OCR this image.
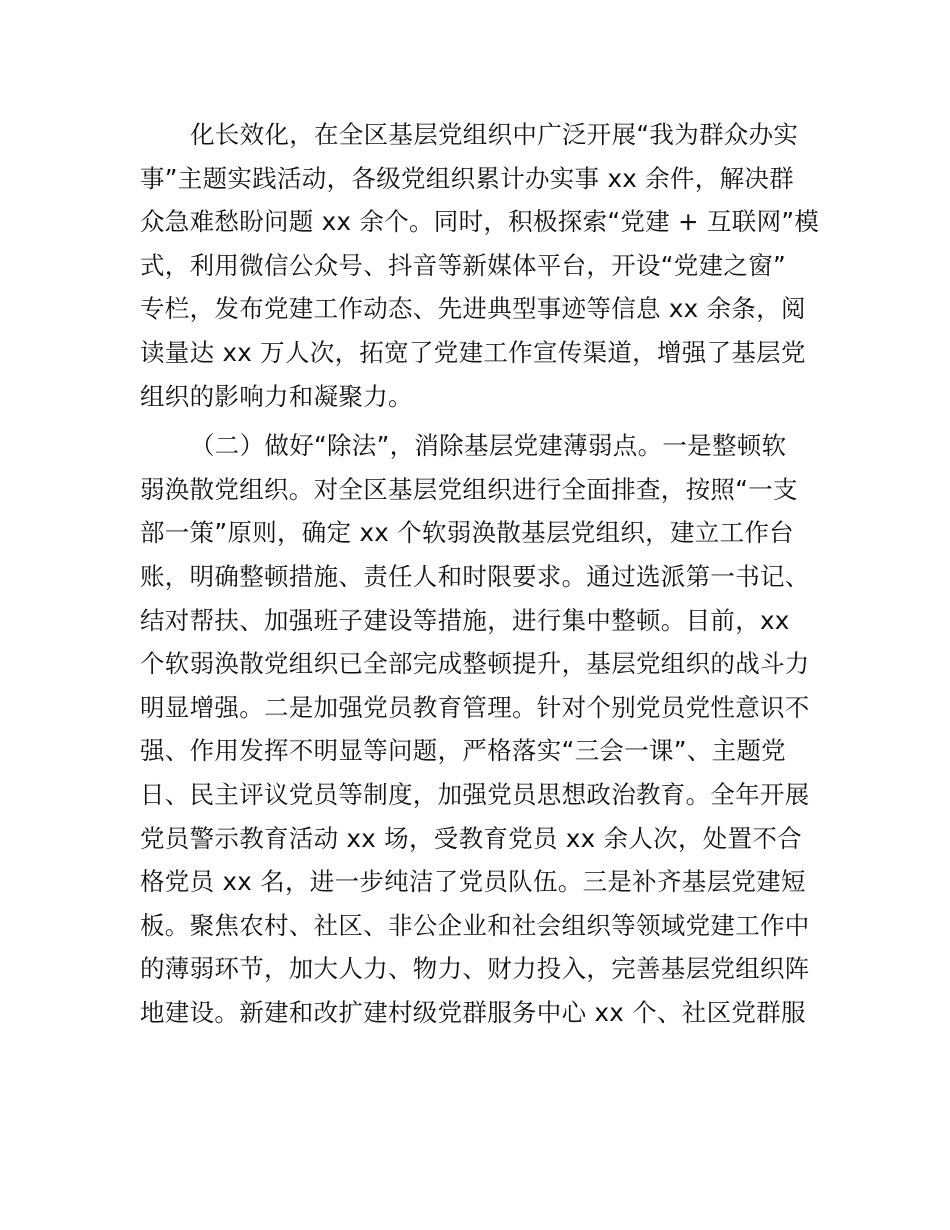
化长效化，在全区基层党组织中广泛开展“我为群众办实
事”主题实践活动，各级党组织累计办实事 xx 余件，解决群
众急难愁盼问题 xx 余个。同时，积极探索“党建 + 互联网”模
式，利用微信公众号、抖音等新媒体平台，开设“党建之窗”
专栏，发布党建工作动态、先进典型事迹等信息 xx 余条，阅
读量达 xx 万人次，拓宽了党建工作宣传渠道，增强了基层党
组织的影响力和凝聚力。
（二）做好“除法”，消除基层党建薄弱点。一是整顿软
弱涣散党组织。对全区基层党组织进行全面排查，按照“一支
部一策”原则，确定 xx 个软弱涣散基层党组织，建立工作台
账，明确整顿措施、责任人和时限要求。通过选派第一书记、
结对帮扶、加强班子建设等措施，进行集中整顿。目前，xx
个软弱涣散党组织已全部完成整顿提升，基层党组织的战斗力
明显增强。二是加强党员教育管理。针对个别党员党性意识不
强、作用发挥不明显等问题，严格落实“三会一课”、主题党
日、民主评议党员等制度，加强党员思想政治教育。全年开展
党员警示教育活动 xx 场，受教育党员 xx 余人次，处置不合
格党员 xx 名，进一步纯洁了党员队伍。三是补齐基层党建短
板。聚焦农村、社区、非公企业和社会组织等领域党建工作中
的薄弱环节，加大人力、物力、财力投入，完善基层党组织阵
地建设。新建和改扩建村级党群服务中心 xx 个、社区党群服
